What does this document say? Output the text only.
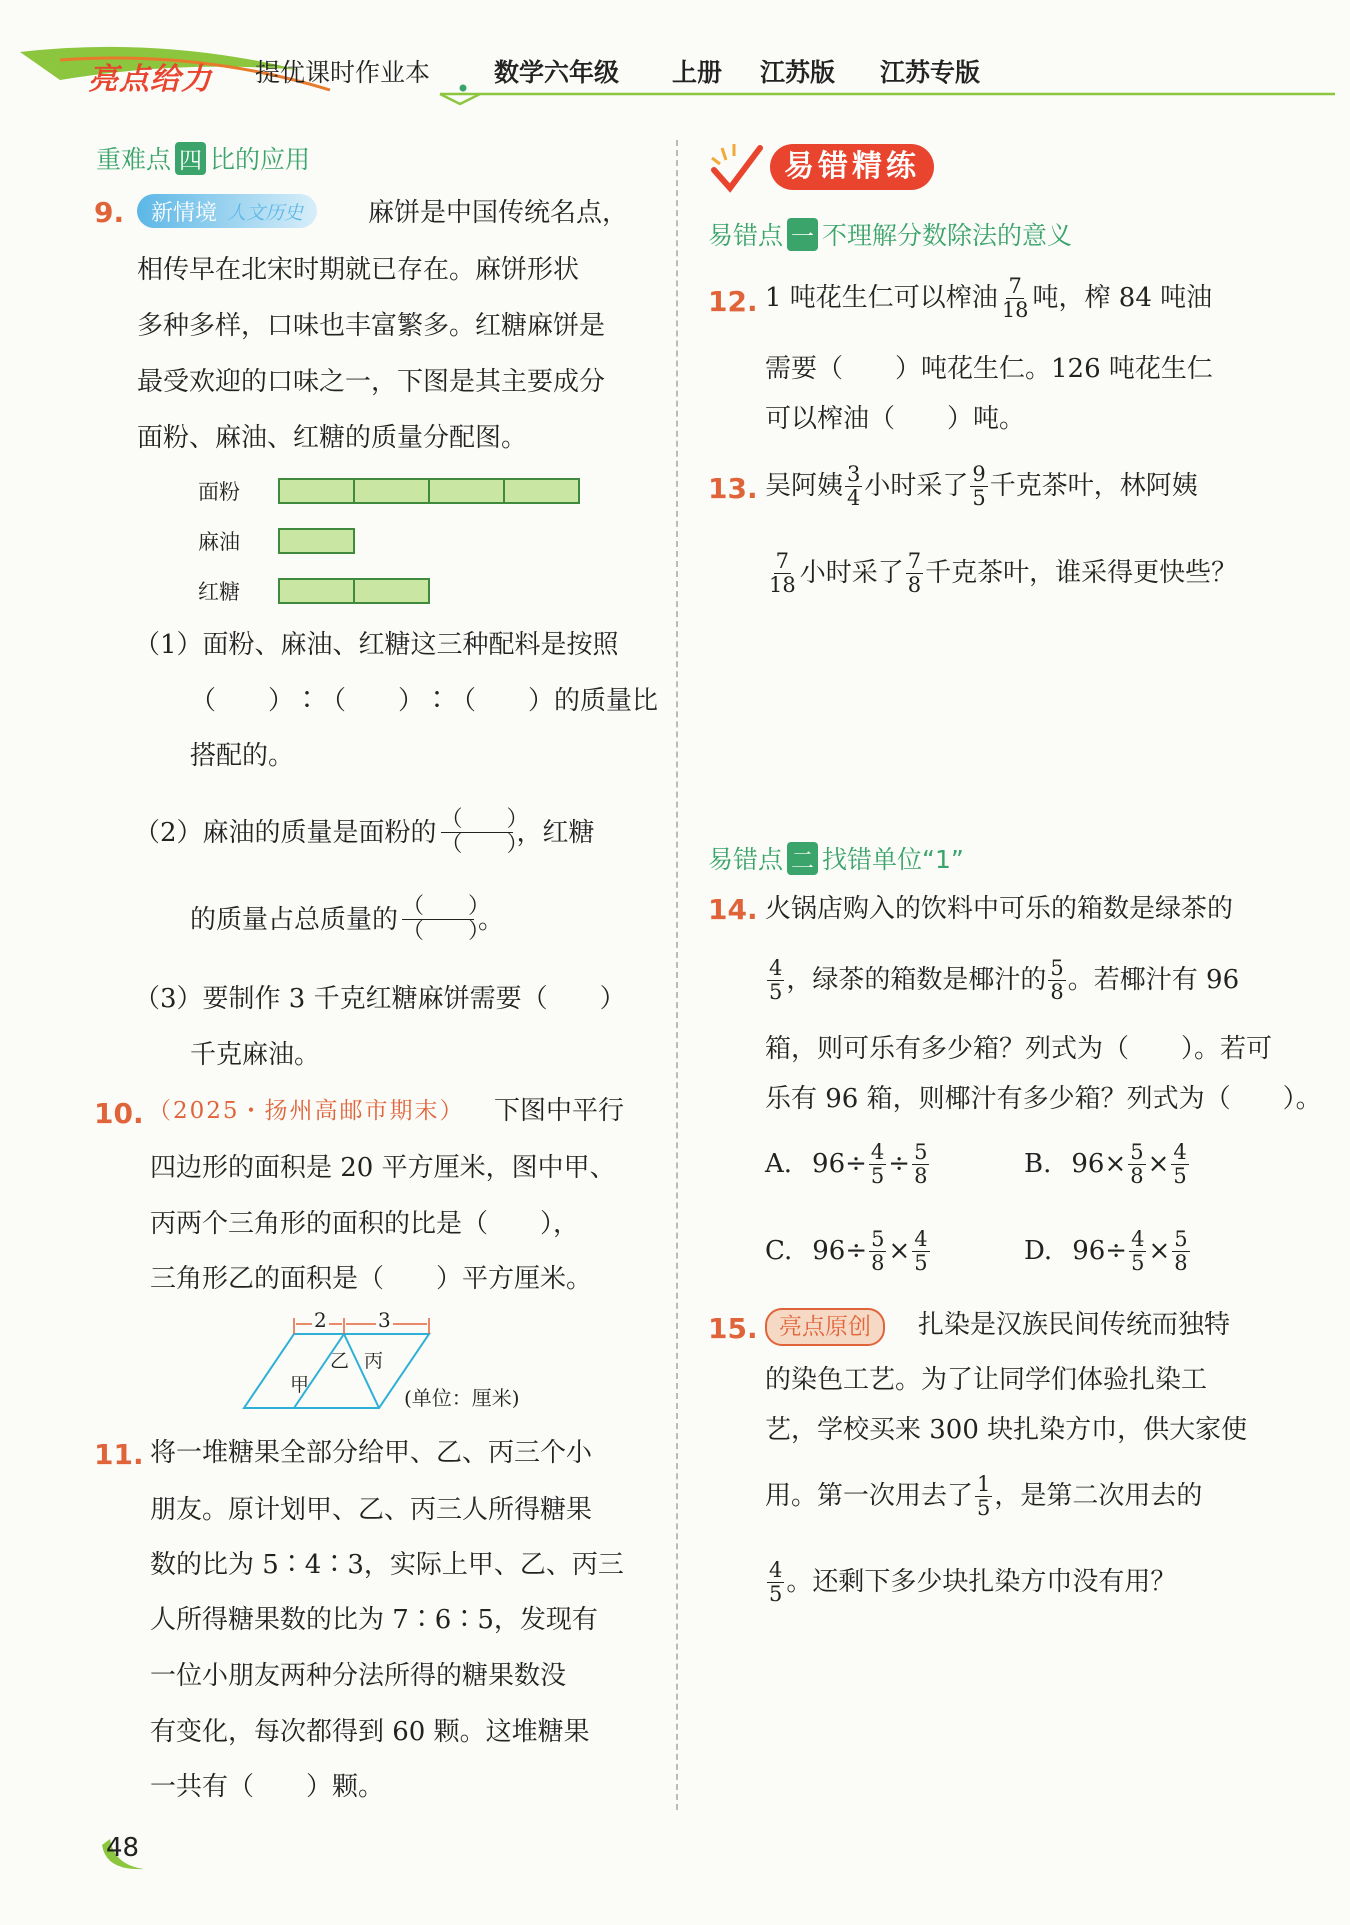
亮点给力 提优课时作业本	数学六年级 上册 江苏版 江苏专版
重难点 四 比的应用
9. 新情境 人文历史 麻饼是中国传统名点，
相传早在北宋时期就已存在。麻饼形状
多种多样，口味也丰富繁多。红糖麻饼是
最受欢迎的口味之一，下图是其主要成分
面粉、麻油、红糖的质量分配图。
面粉
麻油
红糖
（1）面粉、麻油、红糖这三种配料是按照
（　　）∶（　　）∶（　　）的质量比
搭配的。
（2）麻油的质量是面粉的 （　　）
（　　）
，红糖
的质量占总质量的 （　　）
（　　）
。
（3）要制作 3 千克红糖麻饼需要（　　）
千克麻油。
10. （2025・扬州高邮市期末） 下图中平行
四边形的面积是 20 平方厘米，图中甲、
丙两个三角形的面积的比是（　　），
三角形乙的面积是（　　）平方厘米。
2	3
甲
乙 丙
(单位：厘米)
11. 将一堆糖果全部分给甲、乙、丙三个小
朋友。原计划甲、乙、丙三人所得糖果
数的比为 5∶4∶3，实际上甲、乙、丙三
人所得糖果数的比为 7∶6∶5，发现有
一位小朋友两种分法所得的糖果数没
有变化，每次都得到 60 颗。这堆糖果
一共有（　　）颗。
48
易错精练
易错点 一 不理解分数除法的意义
12. 1 吨花生仁可以榨油 $\frac{7}{18}$ 吨，榨 84 吨油
需要（　　）吨花生仁。126 吨花生仁
可以榨油（　　）吨。
13. 吴阿姨 $\frac{3}{4}$ 小时采了 $\frac{9}{5}$ 千克茶叶，林阿姨
$\frac{7}{18}$ 小时采了 $\frac{7}{8}$ 千克茶叶，谁采得更快些？
易错点 二 找错单位“1”
14. 火锅店购入的饮料中可乐的箱数是绿茶的
$\frac{4}{5}$ ，绿茶的箱数是椰汁的 $\frac{5}{8}$ 。若椰汁有 96
箱，则可乐有多少箱？列式为（　　）。若可
乐有 96 箱，则椰汁有多少箱？列式为（　　）。
A. $96\div \frac{4}{5} \div \frac{5}{8}$	B. $96\times \frac{5}{8} \times \frac{4}{5}$
C. $96\div \frac{5}{8} \times \frac{4}{5}$	D. $96\div \frac{4}{5} \times \frac{5}{8}$
15. 亮点原创	扎染是汉族民间传统而独特
的染色工艺。为了让同学们体验扎染工
艺，学校买来 300 块扎染方巾，供大家使
用。第一次用去了 $\frac{1}{5}$ ，是第二次用去的
$\frac{4}{5}$ 。还剩下多少块扎染方巾没有用？
